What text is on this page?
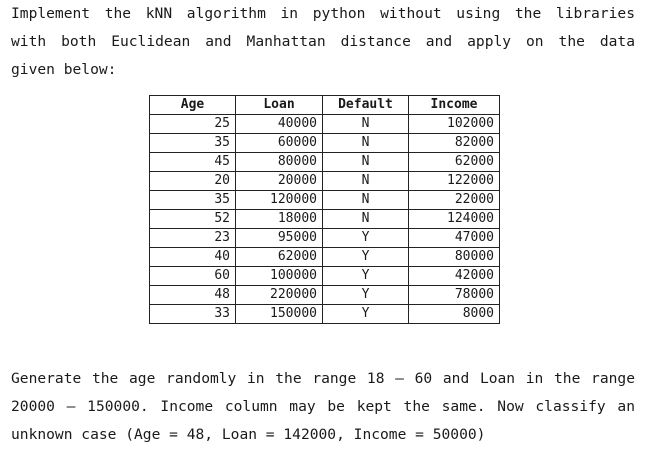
Implement the kNN algorithm in python without using the libraries
with both Euclidean and Manhattan distance and apply on the data
given below:

Age	Loan	Default	Income
25	40000	N	102000
35	60000	N	82000
45	80000	N	62000
20	20000	N	122000
35	120000	N	22000
52	18000	N	124000
23	95000	Y	47000
40	62000	Y	80000
60	100000	Y	42000
48	220000	Y	78000
33	150000	Y	8000

Generate the age randomly in the range 18 – 60 and Loan in the range
20000 – 150000. Income column may be kept the same. Now classify an
unknown case (Age = 48, Loan = 142000, Income = 50000)
